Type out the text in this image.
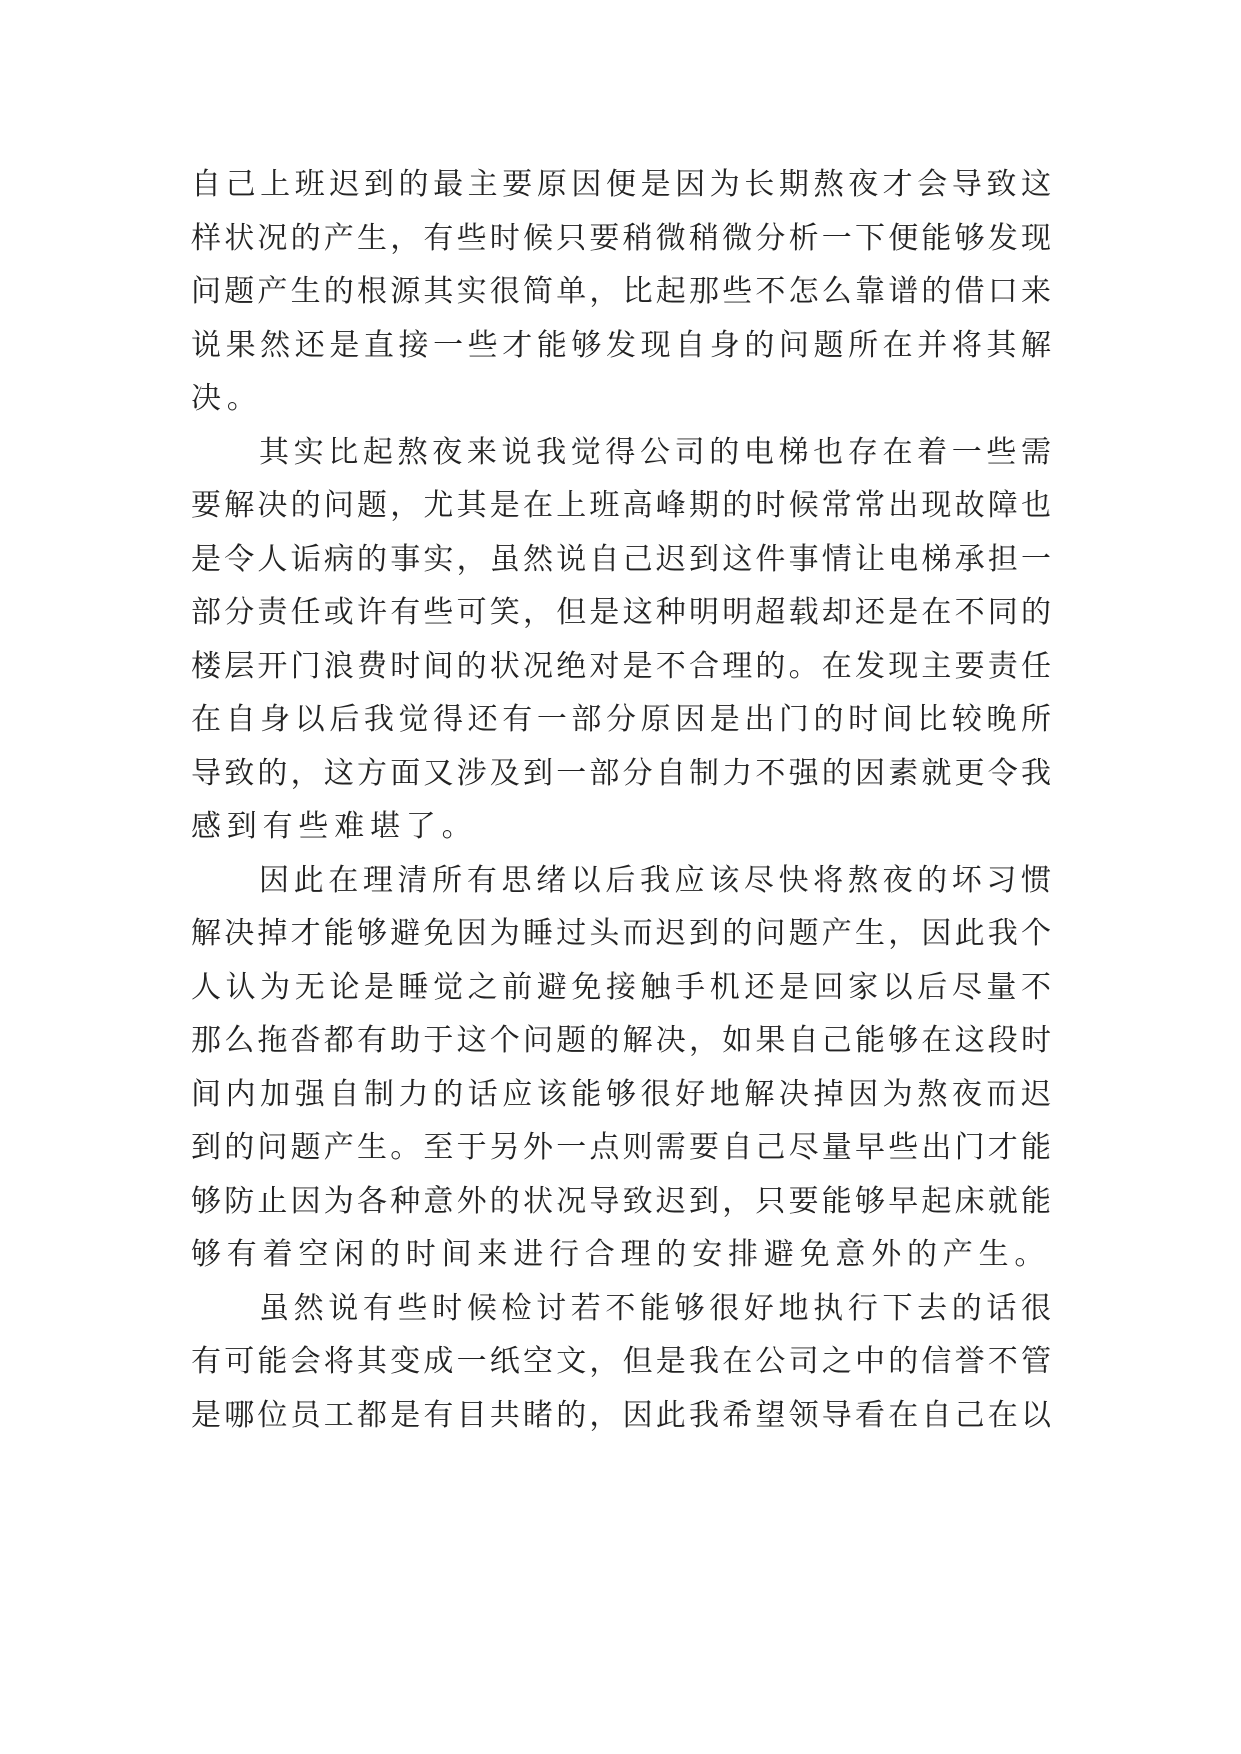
自己上班迟到的最主要原因便是因为长期熬夜才会导致这
样状况的产生，有些时候只要稍微稍微分析一下便能够发现
问题产生的根源其实很简单，比起那些不怎么靠谱的借口来
说果然还是直接一些才能够发现自身的问题所在并将其解
决。
其实比起熬夜来说我觉得公司的电梯也存在着一些需
要解决的问题，尤其是在上班高峰期的时候常常出现故障也
是令人诟病的事实，虽然说自己迟到这件事情让电梯承担一
部分责任或许有些可笑，但是这种明明超载却还是在不同的
楼层开门浪费时间的状况绝对是不合理的。在发现主要责任
在自身以后我觉得还有一部分原因是出门的时间比较晚所
导致的，这方面又涉及到一部分自制力不强的因素就更令我
感到有些难堪了。
因此在理清所有思绪以后我应该尽快将熬夜的坏习惯
解决掉才能够避免因为睡过头而迟到的问题产生，因此我个
人认为无论是睡觉之前避免接触手机还是回家以后尽量不
那么拖沓都有助于这个问题的解决，如果自己能够在这段时
间内加强自制力的话应该能够很好地解决掉因为熬夜而迟
到的问题产生。至于另外一点则需要自己尽量早些出门才能
够防止因为各种意外的状况导致迟到，只要能够早起床就能
够有着空闲的时间来进行合理的安排避免意外的产生。
虽然说有些时候检讨若不能够很好地执行下去的话很
有可能会将其变成一纸空文，但是我在公司之中的信誉不管
是哪位员工都是有目共睹的，因此我希望领导看在自己在以
